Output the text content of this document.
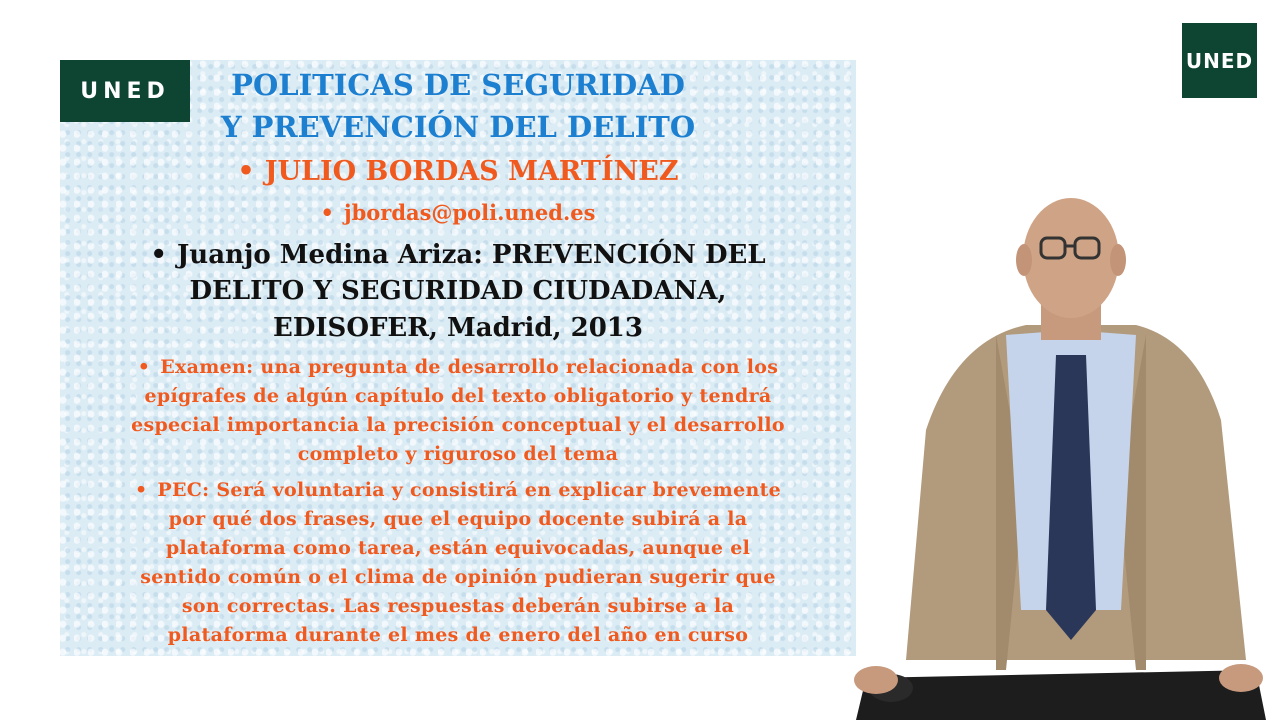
UNED	POLITICAS DE SEGURIDAD
Y PREVENCIÓN DEL DELITO
• JULIO BORDAS MARTÍNEZ
• jbordas@poli.uned.es
• Juanjo Medina Ariza: PREVENCIÓN DEL
DELITO Y SEGURIDAD CIUDADANA,
EDISOFER, Madrid, 2013
• Examen: una pregunta de desarrollo relacionada con los
epígrafes de algún capítulo del texto obligatorio y tendrá
especial importancia la precisión conceptual y el desarrollo
completo y riguroso del tema
• PEC: Será voluntaria y consistirá en explicar brevemente
por qué dos frases, que el equipo docente subirá a la
plataforma como tarea, están equivocadas, aunque el
sentido común o el clima de opinión pudieran sugerir que
son correctas. Las respuestas deberán subirse a la
plataforma durante el mes de enero del año en curso
UNED
